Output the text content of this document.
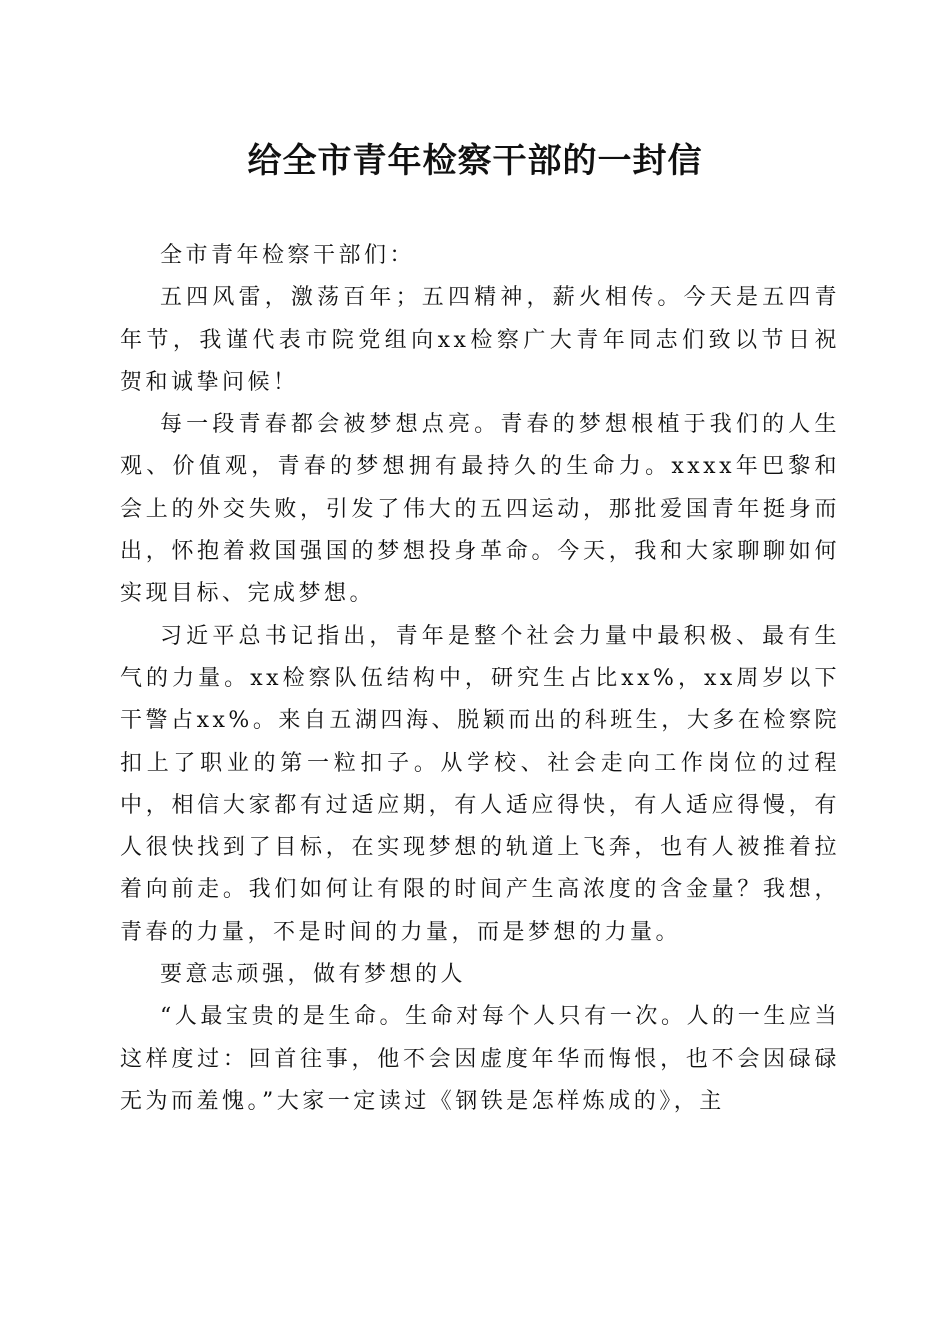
给全市青年检察干部的一封信

全市青年检察干部们：

五四风雷，激荡百年；五四精神，薪火相传。今天是五四青年节，我谨代表市院党组向xx检察广大青年同志们致以节日祝贺和诚挚问候！

每一段青春都会被梦想点亮。青春的梦想根植于我们的人生观、价值观，青春的梦想拥有最持久的生命力。xxxx年巴黎和会上的外交失败，引发了伟大的五四运动，那批爱国青年挺身而出，怀抱着救国强国的梦想投身革命。今天，我和大家聊聊如何实现目标、完成梦想。

习近平总书记指出，青年是整个社会力量中最积极、最有生气的力量。xx检察队伍结构中，研究生占比xx%，xx周岁以下干警占xx%。来自五湖四海、脱颖而出的科班生，大多在检察院扣上了职业的第一粒扣子。从学校、社会走向工作岗位的过程中，相信大家都有过适应期，有人适应得快，有人适应得慢，有人很快找到了目标，在实现梦想的轨道上飞奔，也有人被推着拉着向前走。我们如何让有限的时间产生高浓度的含金量？我想，青春的力量，不是时间的力量，而是梦想的力量。

要意志顽强，做有梦想的人

“人最宝贵的是生命。生命对每个人只有一次。人的一生应当这样度过：回首往事，他不会因虚度年华而悔恨，也不会因碌碌无为而羞愧。”大家一定读过《钢铁是怎样炼成的》，主
